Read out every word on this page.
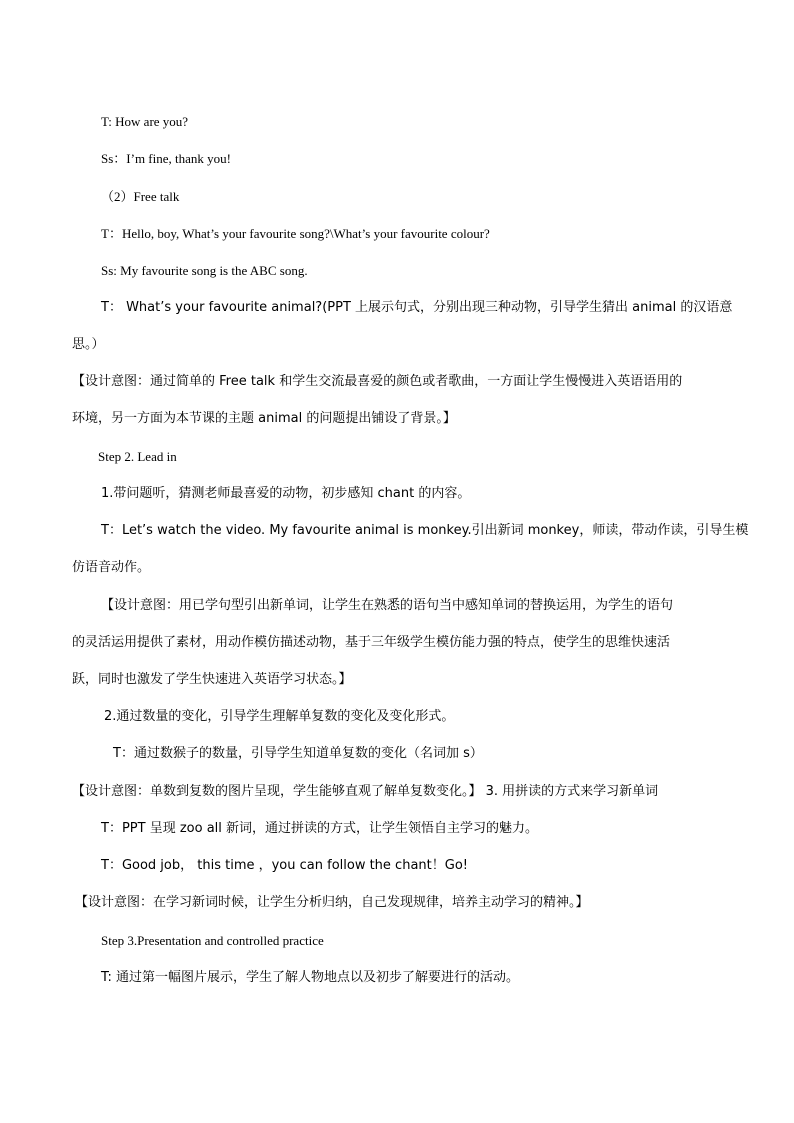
T: How are you?
Ss：I’m fine, thank you!
（2）Free talk
T：Hello, boy, What’s your favourite song?\What’s your favourite colour?
Ss: My favourite song is the ABC song.
T： What’s your favourite animal?(PPT 上展示句式，分别出现三种动物，引导学生猜出 animal 的汉语意
思。）
【设计意图：通过简单的 Free talk 和学生交流最喜爱的颜色或者歌曲，一方面让学生慢慢进入英语语用的
环境，另一方面为本节课的主题 animal 的问题提出铺设了背景。】
Step 2. Lead in
1.带问题听，猜测老师最喜爱的动物，初步感知 chant 的内容。
T：Let’s watch the video. My favourite animal is monkey.引出新词 monkey，师读，带动作读，引导生模
仿语音动作。
【设计意图：用已学句型引出新单词，让学生在熟悉的语句当中感知单词的替换运用，为学生的语句
的灵活运用提供了素材，用动作模仿描述动物，基于三年级学生模仿能力强的特点，使学生的思维快速活
跃，同时也激发了学生快速进入英语学习状态。】
2.通过数量的变化，引导学生理解单复数的变化及变化形式。
T：通过数猴子的数量，引导学生知道单复数的变化（名词加 s）
【设计意图：单数到复数的图片呈现，学生能够直观了解单复数变化。】 3. 用拼读的方式来学习新单词
T：PPT 呈现 zoo all 新词，通过拼读的方式，让学生领悟自主学习的魅力。
T：Good job， this time ，you can follow the chant！Go!
【设计意图：在学习新词时候，让学生分析归纳，自己发现规律，培养主动学习的精神。】
Step 3.Presentation and controlled practice
T: 通过第一幅图片展示，学生了解人物地点以及初步了解要进行的活动。
